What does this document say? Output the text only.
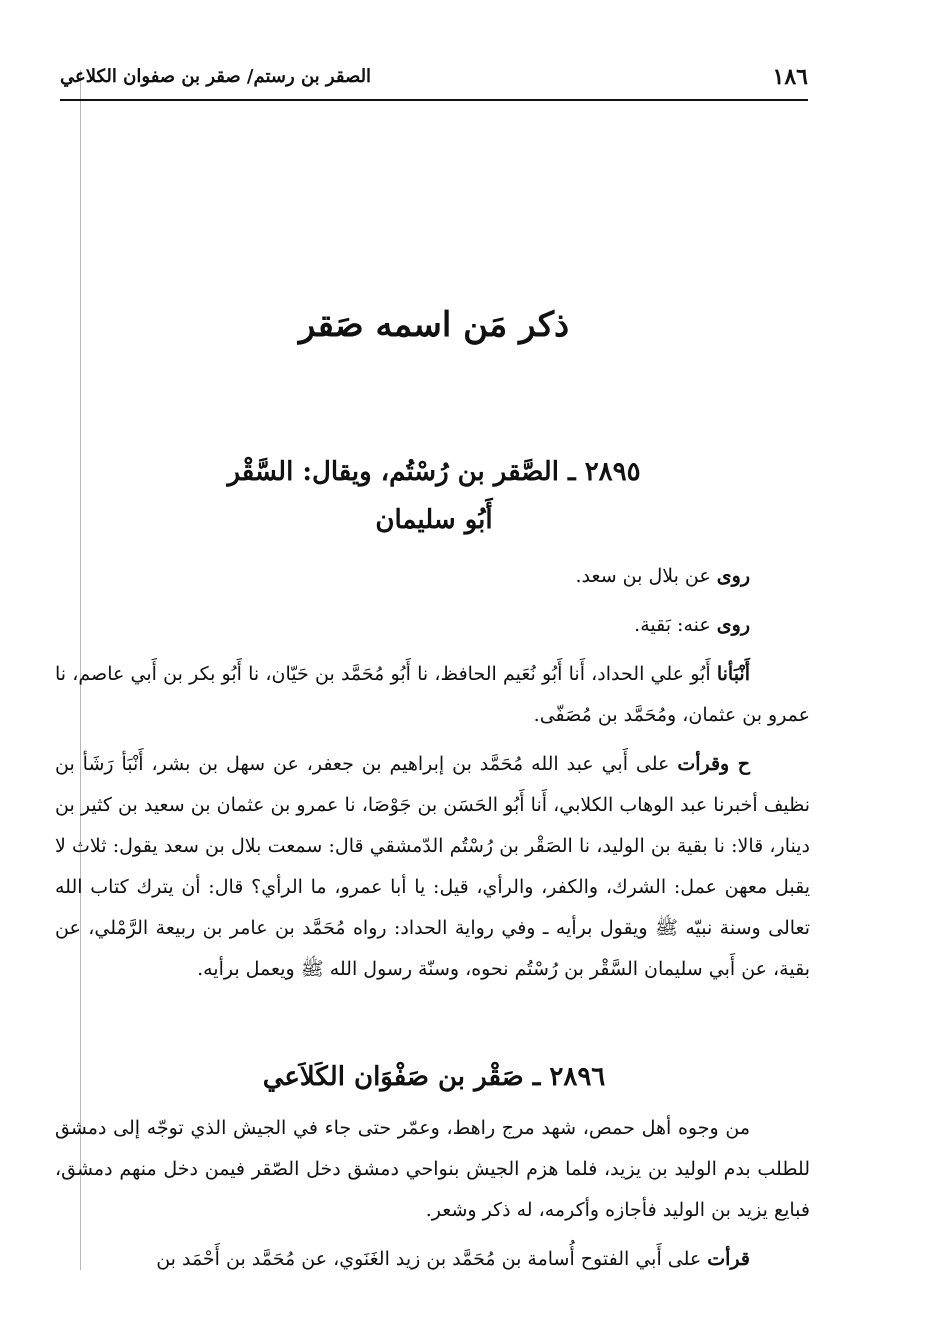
١٨٦
الصقر بن رستم/ صقر بن صفوان الكلاعي
ذكر مَن اسمه صَقر
٢٨٩٥ ـ الصَّقر بن رُسْتُم، ويقال: السَّقْر
أَبُو سليمان

روى عن بلال بن سعد.

روى عنه: بَقية.

أَنْبَأنا أَبُو علي الحداد، أَنا أَبُو نُعَيم الحافظ، نا أَبُو مُحَمَّد بن حَيّان، نا أَبُو بكر بن أَبي عاصم، نا عمرو بن عثمان، ومُحَمَّد بن مُصَفّى.

ح وقرأت على أَبي عبد الله مُحَمَّد بن إبراهيم بن جعفر، عن سهل بن بشر، أَنْبَأ رَشَأ بن نظيف أخبرنا عبد الوهاب الكلابي، أَنا أَبُو الحَسَن بن جَوْصَا، نا عمرو بن عثمان بن سعيد بن كثير بن دينار، قالا: نا بقية بن الوليد، نا الصَقْر بن رُسْتُم الدّمشقي قال: سمعت بلال بن سعد يقول: ثلاث لا يقبل معهن عمل: الشرك، والكفر، والرأي، قيل: يا أبا عمرو، ما الرأي؟ قال: أن يترك كتاب الله تعالى وسنة نبيّه ﷺ ويقول برأيه ـ وفي رواية الحداد: رواه مُحَمَّد بن عامر بن ربيعة الرَّمْلي، عن بقية، عن أَبي سليمان السَّقْر بن رُسْتُم نحوه، وسنّة رسول الله ﷺ ويعمل برأيه.

٢٨٩٦ ـ صَقْر بن صَفْوَان الكَلاَعي

من وجوه أهل حمص، شهد مرج راهط، وعمّر حتى جاء في الجيش الذي توجّه إلى دمشق للطلب بدم الوليد بن يزيد، فلما هزم الجيش بنواحي دمشق دخل الصّقر فيمن دخل منهم دمشق، فبايع يزيد بن الوليد فأجازه وأكرمه، له ذكر وشعر.

قرأت على أَبي الفتوح أُسامة بن مُحَمَّد بن زيد الغَنَوي، عن مُحَمَّد بن أَحْمَد بن
